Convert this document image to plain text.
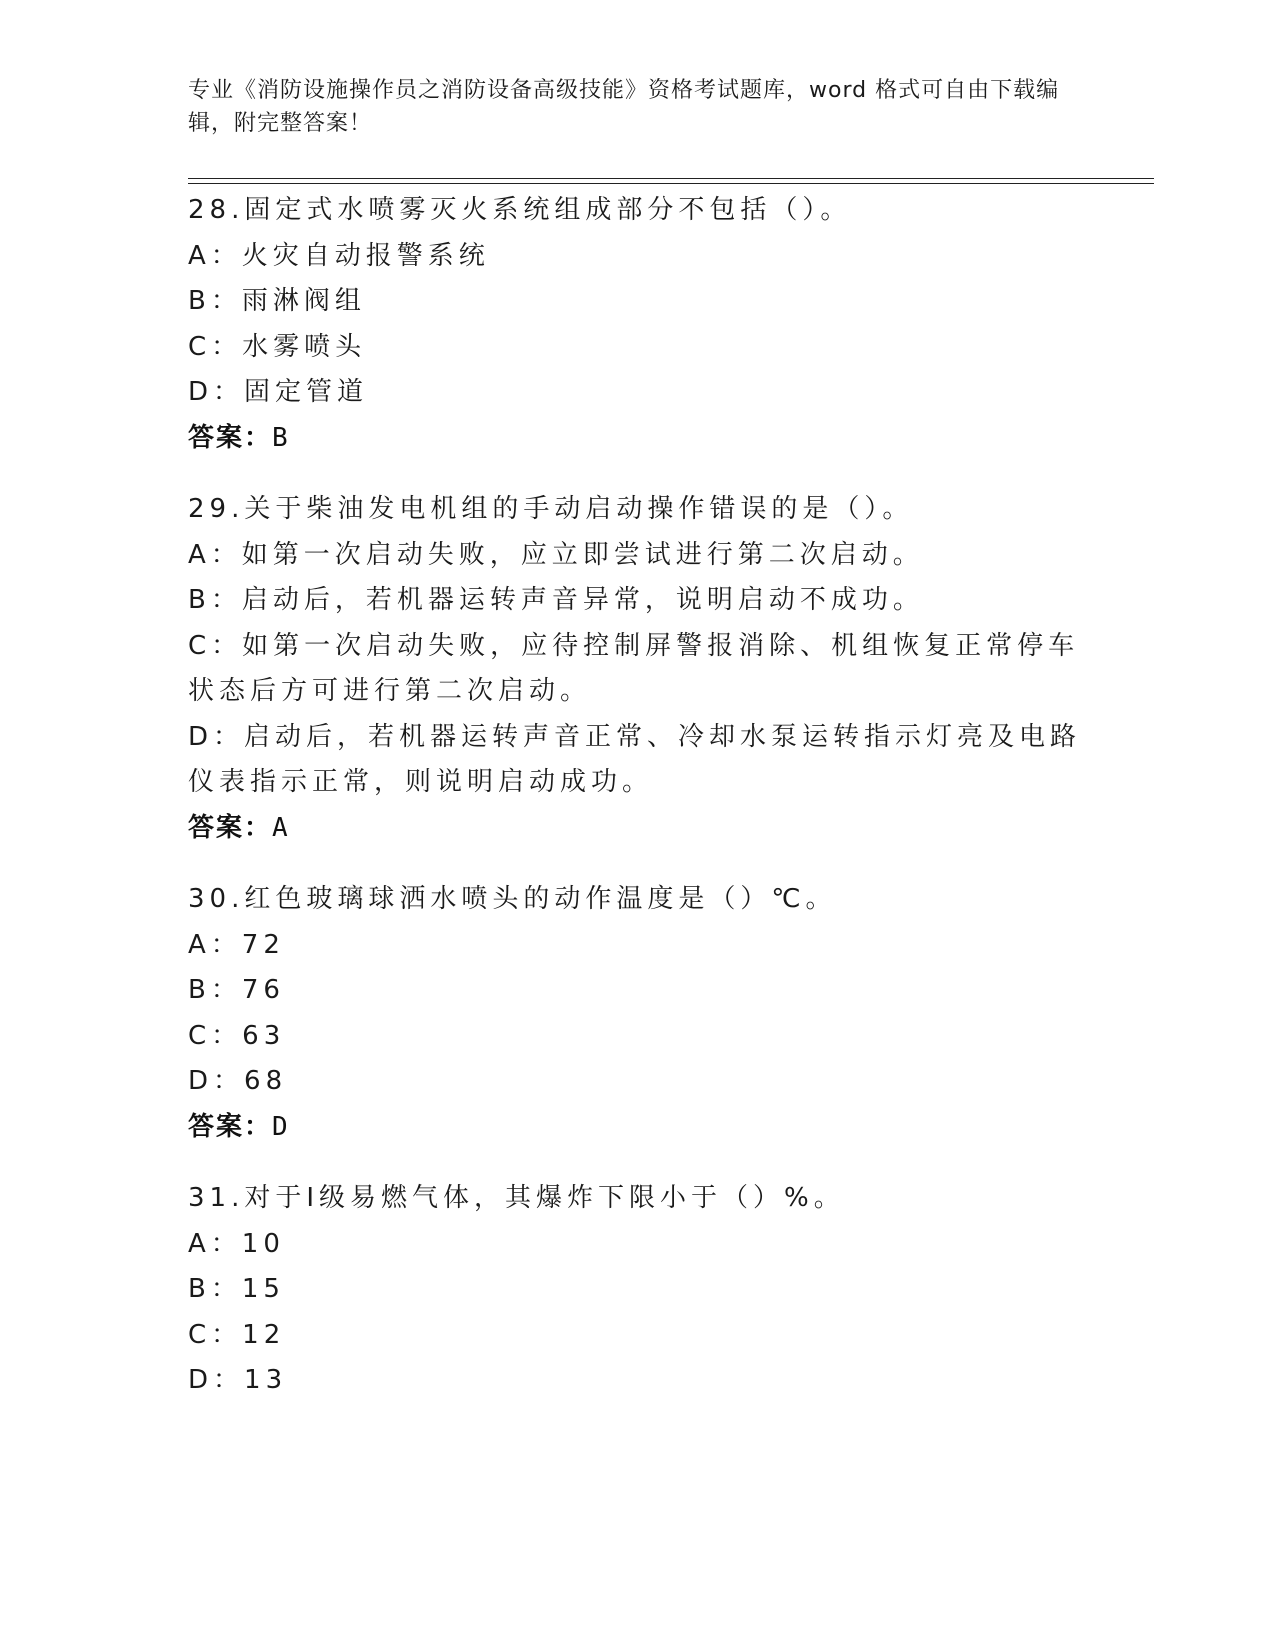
专业《消防设施操作员之消防设备高级技能》资格考试题库，word 格式可自由下载编辑，附完整答案！
28.固定式水喷雾灭火系统组成部分不包括（）。
A：火灾自动报警系统
B：雨淋阀组
C：水雾喷头
D：固定管道
答案：B
29.关于柴油发电机组的手动启动操作错误的是（）。
A：如第一次启动失败，应立即尝试进行第二次启动。
B：启动后，若机器运转声音异常，说明启动不成功。
C：如第一次启动失败，应待控制屏警报消除、机组恢复正常停车状态后方可进行第二次启动。
D：启动后，若机器运转声音正常、冷却水泵运转指示灯亮及电路仪表指示正常，则说明启动成功。
答案：A
30.红色玻璃球洒水喷头的动作温度是（）℃。
A：72
B：76
C：63
D：68
答案：D
31.对于Ⅰ级易燃气体，其爆炸下限小于（）%。
A：10
B：15
C：12
D：13
